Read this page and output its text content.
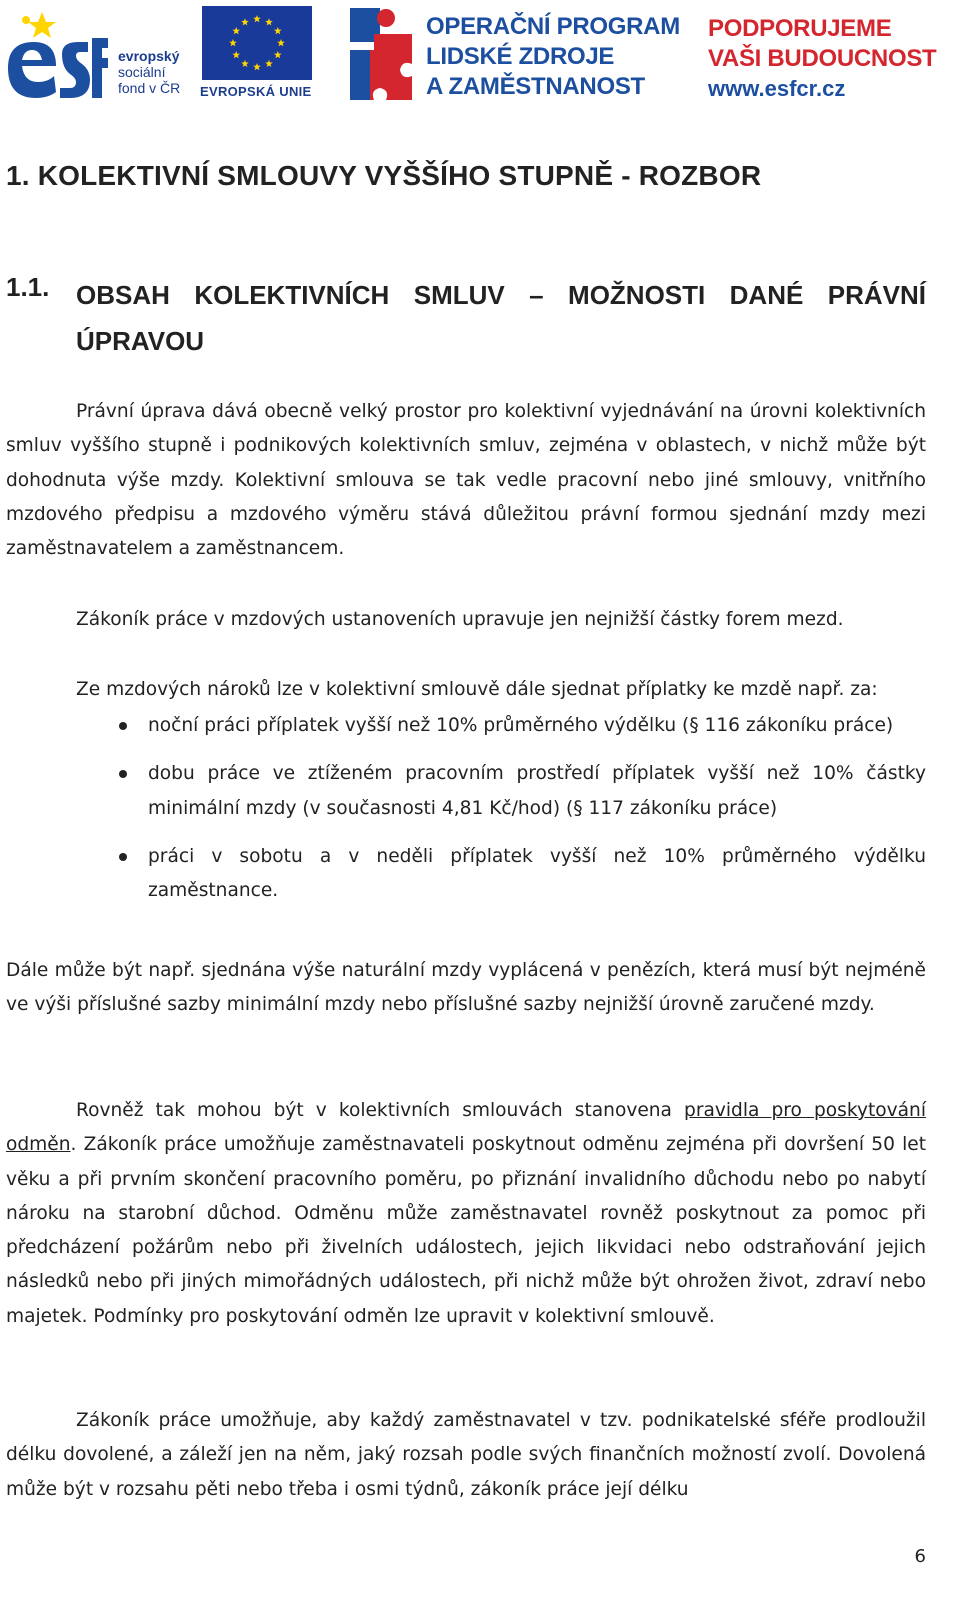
evropský
sociální
fond v ČR EVROPSKÁ UNIE
OPERAČNÍ PROGRAM
LIDSKÉ ZDROJE
A ZAMĚSTNANOST
PODPORUJEME
VAŠI BUDOUCNOST
www.esfcr.cz
1. KOLEKTIVNÍ SMLOUVY VYŠŠÍHO STUPNĚ - ROZBOR
1.1. OBSAH KOLEKTIVNÍCH SMLUV – MOŽNOSTI DANÉ PRÁVNÍ ÚPRAVOU

Právní úprava dává obecně velký prostor pro kolektivní vyjednávání na úrovni kolektivních smluv vyššího stupně i podnikových kolektivních smluv, zejména v oblastech, v nichž může být dohodnuta výše mzdy. Kolektivní smlouva se tak vedle pracovní nebo jiné smlouvy, vnitřního mzdového předpisu a mzdového výměru stává důležitou právní formou sjednání mzdy mezi zaměstnavatelem a zaměstnancem.

Zákoník práce v mzdových ustanoveních upravuje jen nejnižší částky forem mezd.

Ze mzdových nároků lze v kolektivní smlouvě dále sjednat příplatky ke mzdě např. za:

noční práci příplatek vyšší než 10% průměrného výdělku (§ 116 zákoníku práce)
dobu práce ve ztíženém pracovním prostředí příplatek vyšší než 10% částky minimální mzdy (v současnosti 4,81 Kč/hod) (§ 117 zákoníku práce)
práci v sobotu a v neděli příplatek vyšší než 10% průměrného výdělku zaměstnance.

Dále může být např. sjednána výše naturální mzdy vyplácená v penězích, která musí být nejméně ve výši příslušné sazby minimální mzdy nebo příslušné sazby nejnižší úrovně zaručené mzdy.

Rovněž tak mohou být v kolektivních smlouvách stanovena pravidla pro poskytování odměn. Zákoník práce umožňuje zaměstnavateli poskytnout odměnu zejména při dovršení 50 let věku a při prvním skončení pracovního poměru, po přiznání invalidního důchodu nebo po nabytí nároku na starobní důchod. Odměnu může zaměstnavatel rovněž poskytnout za pomoc při předcházení požárům nebo při živelních událostech, jejich likvidaci nebo odstraňování jejich následků nebo při jiných mimořádných událostech, při nichž může být ohrožen život, zdraví nebo majetek. Podmínky pro poskytování odměn lze upravit v kolektivní smlouvě.

Zákoník práce umožňuje, aby každý zaměstnavatel v tzv. podnikatelské sféře prodloužil délku dovolené, a záleží jen na něm, jaký rozsah podle svých finančních možností zvolí. Dovolená může být v rozsahu pěti nebo třeba i osmi týdnů, zákoník práce její délku

6
